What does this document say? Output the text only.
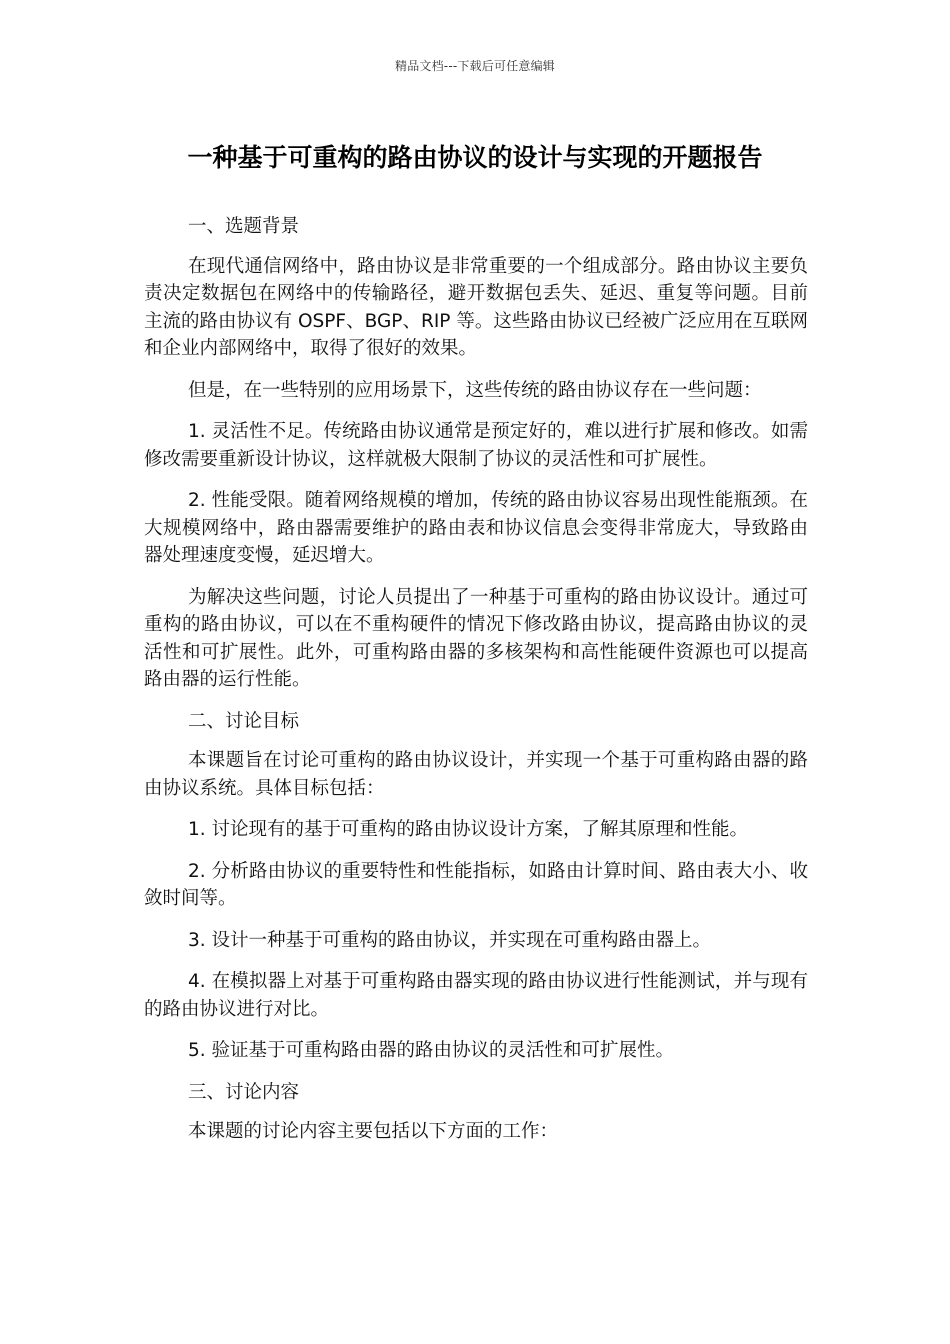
精品文档---下载后可任意编辑
一种基于可重构的路由协议的设计与实现的开题报告

一、选题背景

在现代通信网络中，路由协议是非常重要的一个组成部分。路由协议主要负责决定数据包在网络中的传输路径，避开数据包丢失、延迟、重复等问题。目前主流的路由协议有 OSPF、BGP、RIP 等。这些路由协议已经被广泛应用在互联网和企业内部网络中，取得了很好的效果。

但是，在一些特别的应用场景下，这些传统的路由协议存在一些问题：

1. 灵活性不足。传统路由协议通常是预定好的，难以进行扩展和修改。如需修改需要重新设计协议，这样就极大限制了协议的灵活性和可扩展性。

2. 性能受限。随着网络规模的增加，传统的路由协议容易出现性能瓶颈。在大规模网络中，路由器需要维护的路由表和协议信息会变得非常庞大，导致路由器处理速度变慢，延迟增大。

为解决这些问题，讨论人员提出了一种基于可重构的路由协议设计。通过可重构的路由协议，可以在不重构硬件的情况下修改路由协议，提高路由协议的灵活性和可扩展性。此外，可重构路由器的多核架构和高性能硬件资源也可以提高路由器的运行性能。

二、讨论目标

本课题旨在讨论可重构的路由协议设计，并实现一个基于可重构路由器的路由协议系统。具体目标包括：

1. 讨论现有的基于可重构的路由协议设计方案，了解其原理和性能。

2. 分析路由协议的重要特性和性能指标，如路由计算时间、路由表大小、收敛时间等。

3. 设计一种基于可重构的路由协议，并实现在可重构路由器上。

4. 在模拟器上对基于可重构路由器实现的路由协议进行性能测试，并与现有的路由协议进行对比。

5. 验证基于可重构路由器的路由协议的灵活性和可扩展性。

三、讨论内容

本课题的讨论内容主要包括以下方面的工作：
